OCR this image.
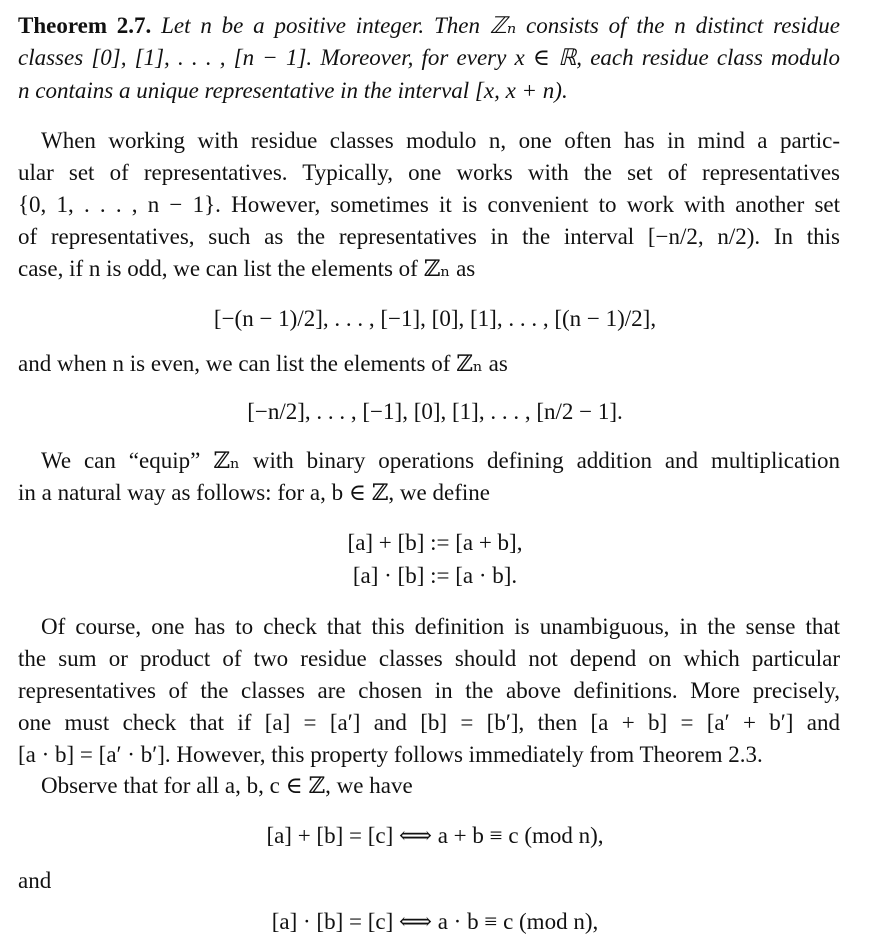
Theorem 2.7. Let n be a positive integer. Then ℤₙ consists of the n distinct residue
classes [0], [1], . . . , [n − 1]. Moreover, for every x ∈ ℝ, each residue class modulo
n contains a unique representative in the interval [x, x + n).
When working with residue classes modulo n, one often has in mind a partic-
ular set of representatives. Typically, one works with the set of representatives
{0, 1, . . . , n − 1}. However, sometimes it is convenient to work with another set
of representatives, such as the representatives in the interval [−n/2, n/2). In this
case, if n is odd, we can list the elements of ℤₙ as
[−(n − 1)/2], . . . , [−1], [0], [1], . . . , [(n − 1)/2],
and when n is even, we can list the elements of ℤₙ as
[−n/2], . . . , [−1], [0], [1], . . . , [n/2 − 1].
We can “equip” ℤₙ with binary operations defining addition and multiplication
in a natural way as follows: for a, b ∈ ℤ, we define
[a] + [b] := [a + b],
[a] · [b] := [a · b].
Of course, one has to check that this definition is unambiguous, in the sense that
the sum or product of two residue classes should not depend on which particular
representatives of the classes are chosen in the above definitions. More precisely,
one must check that if [a] = [a′] and [b] = [b′], then [a + b] = [a′ + b′] and
[a · b] = [a′ · b′]. However, this property follows immediately from Theorem 2.3.
Observe that for all a, b, c ∈ ℤ, we have
[a] + [b] = [c] ⟺ a + b ≡ c (mod n),
and
[a] · [b] = [c] ⟺ a · b ≡ c (mod n),
